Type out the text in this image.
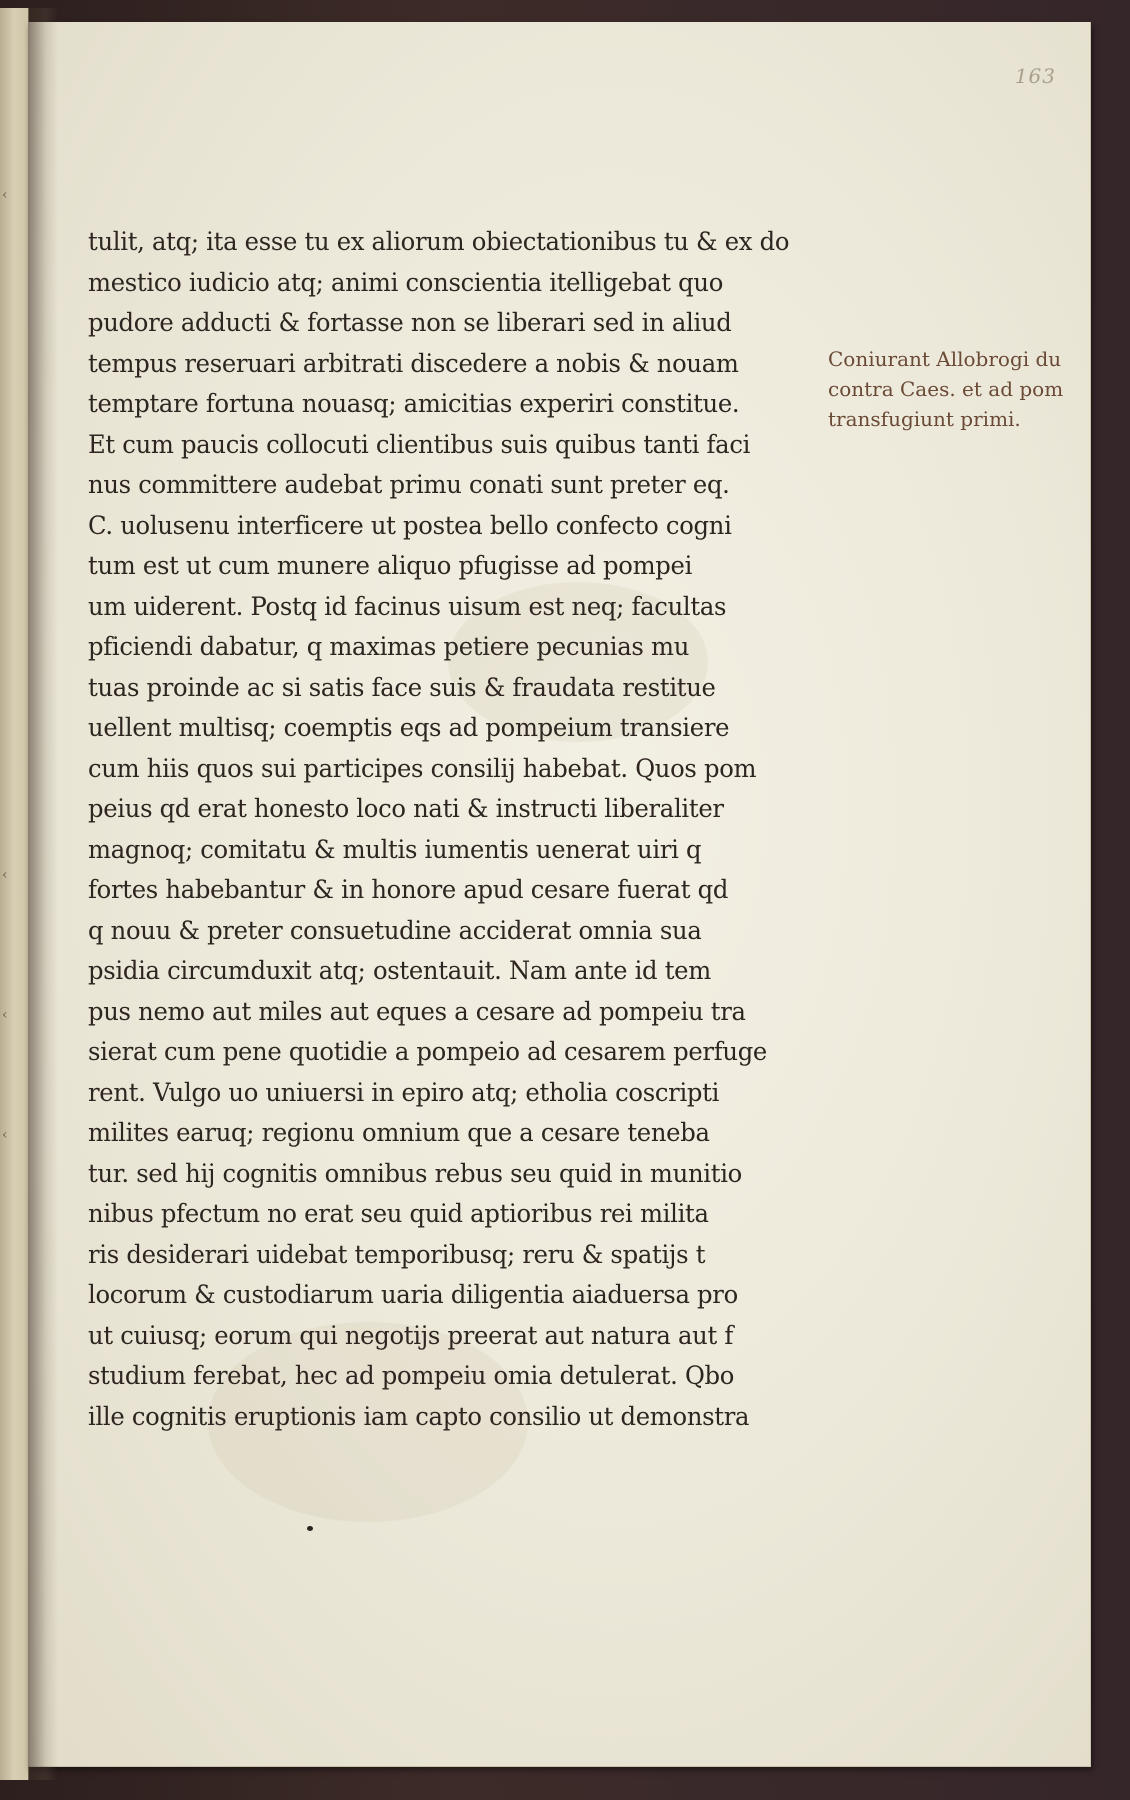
‹
‹
‹
‹
163
tulit, atq; ita esse tu ex aliorum obiectationibus tu & ex do
mestico iudicio atq; animi conscientia itelligebat quo
pudore adducti & fortasse non se liberari sed in aliud
tempus reseruari arbitrati discedere a nobis & nouam
temptare fortuna nouasq; amicitias experiri constitue.
Et cum paucis collocuti clientibus suis quibus tanti faci
nus committere audebat primu conati sunt preter eq.
C. uolusenu interficere ut postea bello confecto cogni
tum est ut cum munere aliquo pfugisse ad pompei
um uiderent. Postq id facinus uisum est neq; facultas
pficiendi dabatur, q maximas petiere pecunias mu
tuas proinde ac si satis face suis & fraudata restitue
uellent multisq; coemptis eqs ad pompeium transiere
cum hiis quos sui participes consilij habebat. Quos pom
peius qd erat honesto loco nati & instructi liberaliter
magnoq; comitatu & multis iumentis uenerat uiri q
fortes habebantur & in honore apud cesare fuerat qd
q nouu & preter consuetudine acciderat omnia sua
psidia circumduxit atq; ostentauit. Nam ante id tem
pus nemo aut miles aut eques a cesare ad pompeiu tra
sierat cum pene quotidie a pompeio ad cesarem perfuge
rent. Vulgo uo uniuersi in epiro atq; etholia coscripti
milites earuq; regionu omnium que a cesare teneba
tur. sed hij cognitis omnibus rebus seu quid in munitio
nibus pfectum no erat seu quid aptioribus rei milita
ris desiderari uidebat temporibusq; reru & spatijs t
locorum & custodiarum uaria diligentia aiaduersa pro
ut cuiusq; eorum qui negotijs preerat aut natura aut f
studium ferebat, hec ad pompeiu omia detulerat. Qbo
ille cognitis eruptionis iam capto consilio ut demonstra
Coniurant Allobrogi du
contra Caes. et ad pom
transfugiunt primi.
